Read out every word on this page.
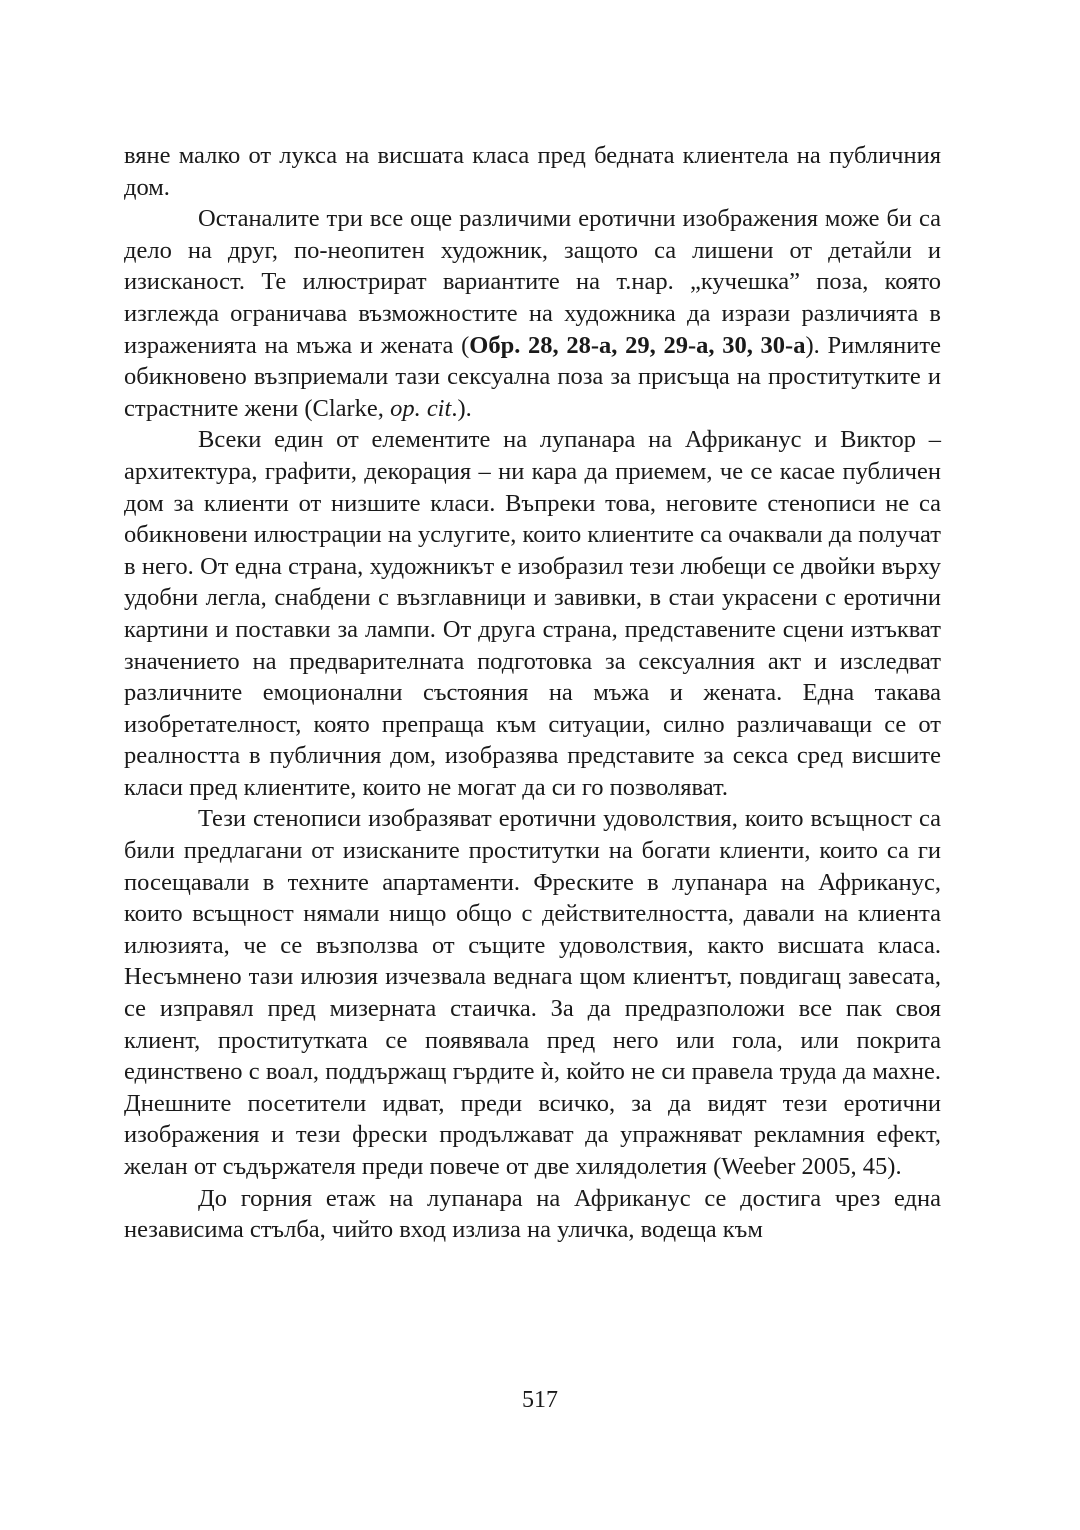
вяне малко от лукса на висшата класа пред бедната клиентела на публичния дом.

Останалите три все още различими еротични изображения може би са дело на друг, по-неопитен художник, защото са лишени от детайли и изисканост. Те илюстрират вариантите на т.нар. „кучешка” поза, която изглежда ограничава възможностите на художника да изрази различията в израженията на мъжа и жената (Обр. 28, 28-а, 29, 29-а, 30, 30-а). Римляните обикновено възприемали тази сексуална поза за присъща на проститутките и страстните жени (Clarke, op. cit.).

Всеки един от елементите на лупанара на Африканус и Виктор – архитектура, графити, декорация – ни кара да приемем, че се касае публичен дом за клиенти от низшите класи. Въпреки това, неговите стенописи не са обикновени илюстрации на услугите, които клиентите са очаквали да получат в него. От една страна, художникът е изобразил тези любещи се двойки върху удобни легла, снабдени с възглавници и завивки, в стаи украсени с еротични картини и поставки за лампи. От друга страна, представените сцени изтъкват значението на предварителната подготовка за сексуалния акт и изследват различните емоционални състояния на мъжа и жената. Една такава изобретателност, която препраща към ситуации, силно различаващи се от реалността в публичния дом, изобразява представите за секса сред висшите класи пред клиентите, които не могат да си го позволяват.

Тези стенописи изобразяват еротични удоволствия, които всъщност са били предлагани от изисканите проститутки на богати клиенти, които са ги посещавали в техните апартаменти. Фреските в лупанара на Африканус, които всъщност нямали нищо общо с действителността, давали на клиента илюзията, че се възползва от същите удоволствия, както висшата класа. Несъмнено тази илюзия изчезвала веднага щом клиентът, повдигащ завесата, се изправял пред мизерната стаичка. За да предразположи все пак своя клиент, проститутката се появявала пред него или гола, или покрита единствено с воал, поддържащ гърдите ѝ, който не си правела труда да махне. Днешните посетители идват, преди всичко, за да видят тези еротични изображения и тези фрески продължават да упражняват рекламния ефект, желан от съдържателя преди повече от две хилядолетия (Weeber 2005, 45).

До горния етаж на лупанара на Африканус се достига чрез една независима стълба, чийто вход излиза на уличка, водеща към

517
